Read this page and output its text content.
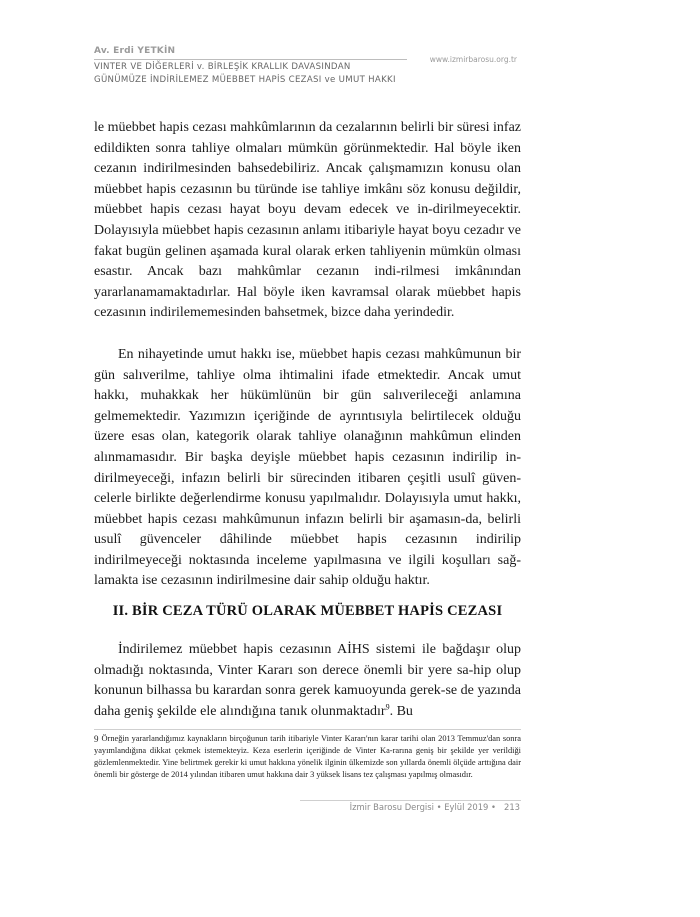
Av. Erdi YETKİN
www.izmirbarosu.org.tr
VINTER VE DİĞERLERİ v. BİRLEŞİK KRALLIK DAVASINDAN
GÜNÜMÜZE İNDİRİLEMEZ MÜEBBET HAPİS CEZASI ve UMUT HAKKI

le müebbet hapis cezası mahkûmlarının da cezalarının belirli bir süresi infaz edildikten sonra tahliye olmaları mümkün görünmektedir. Hal böyle iken cezanın indirilmesinden bahsedebiliriz. Ancak çalışmamızın konusu olan müebbet hapis cezasının bu türünde ise tahliye imkânı söz konusu değildir, müebbet hapis cezası hayat boyu devam edecek ve in-dirilmeyecektir. Dolayısıyla müebbet hapis cezasının anlamı itibariyle hayat boyu cezadır ve fakat bugün gelinen aşamada kural olarak erken tahliyenin mümkün olması esastır. Ancak bazı mahkûmlar cezanın indi-rilmesi imkânından yararlanamamaktadırlar. Hal böyle iken kavramsal olarak müebbet hapis cezasının indirilememesinden bahsetmek, bizce daha yerindedir.

En nihayetinde umut hakkı ise, müebbet hapis cezası mahkûmunun bir gün salıverilme, tahliye olma ihtimalini ifade etmektedir. Ancak umut hakkı, muhakkak her hükümlünün bir gün salıverileceği anlamına gelmemektedir. Yazımızın içeriğinde de ayrıntısıyla belirtilecek olduğu üzere esas olan, kategorik olarak tahliye olanağının mahkûmun elinden alınmamasıdır. Bir başka deyişle müebbet hapis cezasının indirilip in-dirilmeyeceği, infazın belirli bir sürecinden itibaren çeşitli usulî güven-celerle birlikte değerlendirme konusu yapılmalıdır. Dolayısıyla umut hakkı, müebbet hapis cezası mahkûmunun infazın belirli bir aşamasın-da, belirli usulî güvenceler dâhilinde müebbet hapis cezasının indirilip indirilmeyeceği noktasında inceleme yapılmasına ve ilgili koşulları sağ-lamakta ise cezasının indirilmesine dair sahip olduğu haktır.

II. BİR CEZA TÜRÜ OLARAK MÜEBBET HAPİS CEZASI

İndirilemez müebbet hapis cezasının AİHS sistemi ile bağdaşır olup olmadığı noktasında, Vinter Kararı son derece önemli bir yere sa-hip olup konunun bilhassa bu karardan sonra gerek kamuoyunda gerek-se de yazında daha geniş şekilde ele alındığına tanık olunmaktadır$^9$. Bu

9 Örneğin yararlandığımız kaynakların birçoğunun tarih itibariyle Vinter Kararı'nın karar tarihi olan 2013 Temmuz'dan sonra yayımlandığına dikkat çekmek istemekteyiz. Keza eserlerin içeriğinde de Vinter Ka-rarına geniş bir şekilde yer verildiği gözlemlenmektedir. Yine belirtmek gerekir ki umut hakkına yönelik ilginin ülkemizde son yıllarda önemli ölçüde arttığına dair önemli bir gösterge de 2014 yılından itibaren umut hakkına dair 3 yüksek lisans tez çalışması yapılmış olmasıdır.
İzmir Barosu Dergisi • Eylül 2019 • 213
